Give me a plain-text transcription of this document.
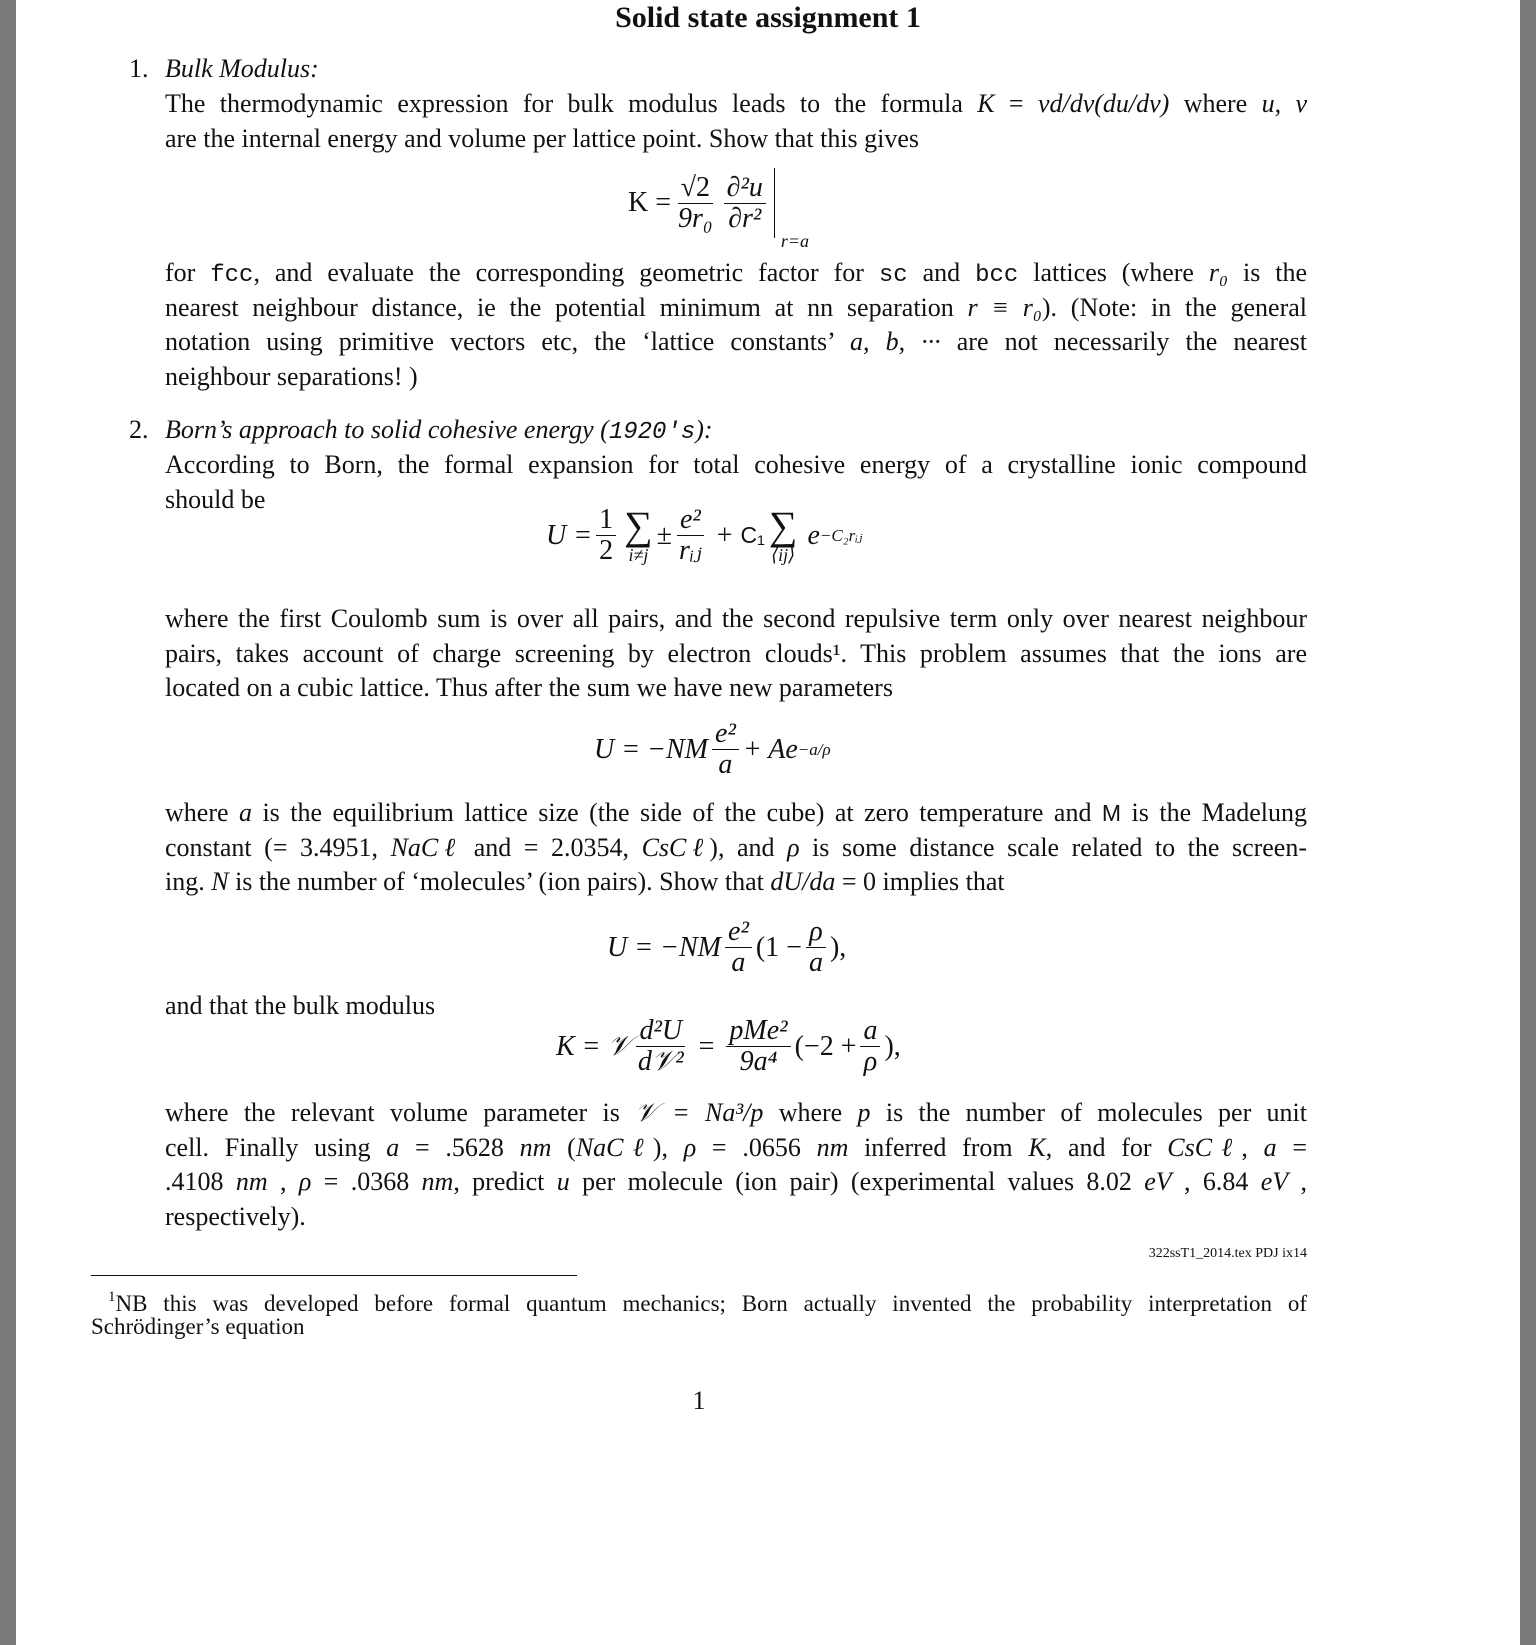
Solid state assignment 1
1. Bulk Modulus:
The thermodynamic expression for bulk modulus leads to the formula K = vd/dv(du/dv) where u, v
are the internal energy and volume per lattice point. Show that this gives
$K = \frac{√2}{\text{9r₀}} \frac{\text{∂²u}}{\text{∂r²}}$
r=a
for fcc, and evaluate the corresponding geometric factor for sc and bcc lattices (where r₀ is the
nearest neighbour distance, ie the potential minimum at nn separation r ≡ r₀). (Note: in the general
notation using primitive vectors etc, the ‘lattice constants’ a, b, ··· are not necessarily the nearest
neighbour separations! )
2. Born’s approach to solid cohesive energy (1920's):
According to Born, the formal expansion for total cohesive energy of a crystalline ionic compound
should be
$U = \frac{1}{2}$ ∑
i≠j
± $\frac{\text{e²}}{\text{rᵢⱼ}} + C_1$ ∑
⟨ij⟩
e −C₂rᵢⱼ
where the first Coulomb sum is over all pairs, and the second repulsive term only over nearest neighbour
pairs, takes account of charge screening by electron clouds¹. This problem assumes that the ions are
located on a cubic lattice. Thus after the sum we have new parameters
$U = -NM \frac{\text{e²}}{a} + Ae -a/\rho$
where a is the equilibrium lattice size (the side of the cube) at zero temperature and M is the Madelung
constant (= 3.4951, NaCℓ and = 2.0354, CsCℓ), and ρ is some distance scale related to the screen-
ing. N is the number of ‘molecules’ (ion pairs). Show that dU/da = 0 implies that
$U = -NM \frac{\text{e²}}{a} (1 - \frac{\rho}{a}$ ),
and that the bulk modulus
K = 𝒱 $\frac{\text{d²U}}{\text{d𝒱²}} = \frac{\text{pMe²}}{\text{9a⁴}} (-2 + \frac{a}{\rho}$ ),
where the relevant volume parameter is 𝒱 = Na³/p where p is the number of molecules per unit
cell. Finally using a = .5628 nm (NaCℓ), ρ = .0656 nm inferred from K, and for CsCℓ, a =
.4108 nm , ρ = .0368 nm, predict u per molecule (ion pair) (experimental values 8.02 eV , 6.84 eV ,
respectively).
322ssT1_2014.tex PDJ ix14
$^1$NB this was developed before formal quantum mechanics; Born actually invented the probability interpretation of
Schrödinger’s equation
1
